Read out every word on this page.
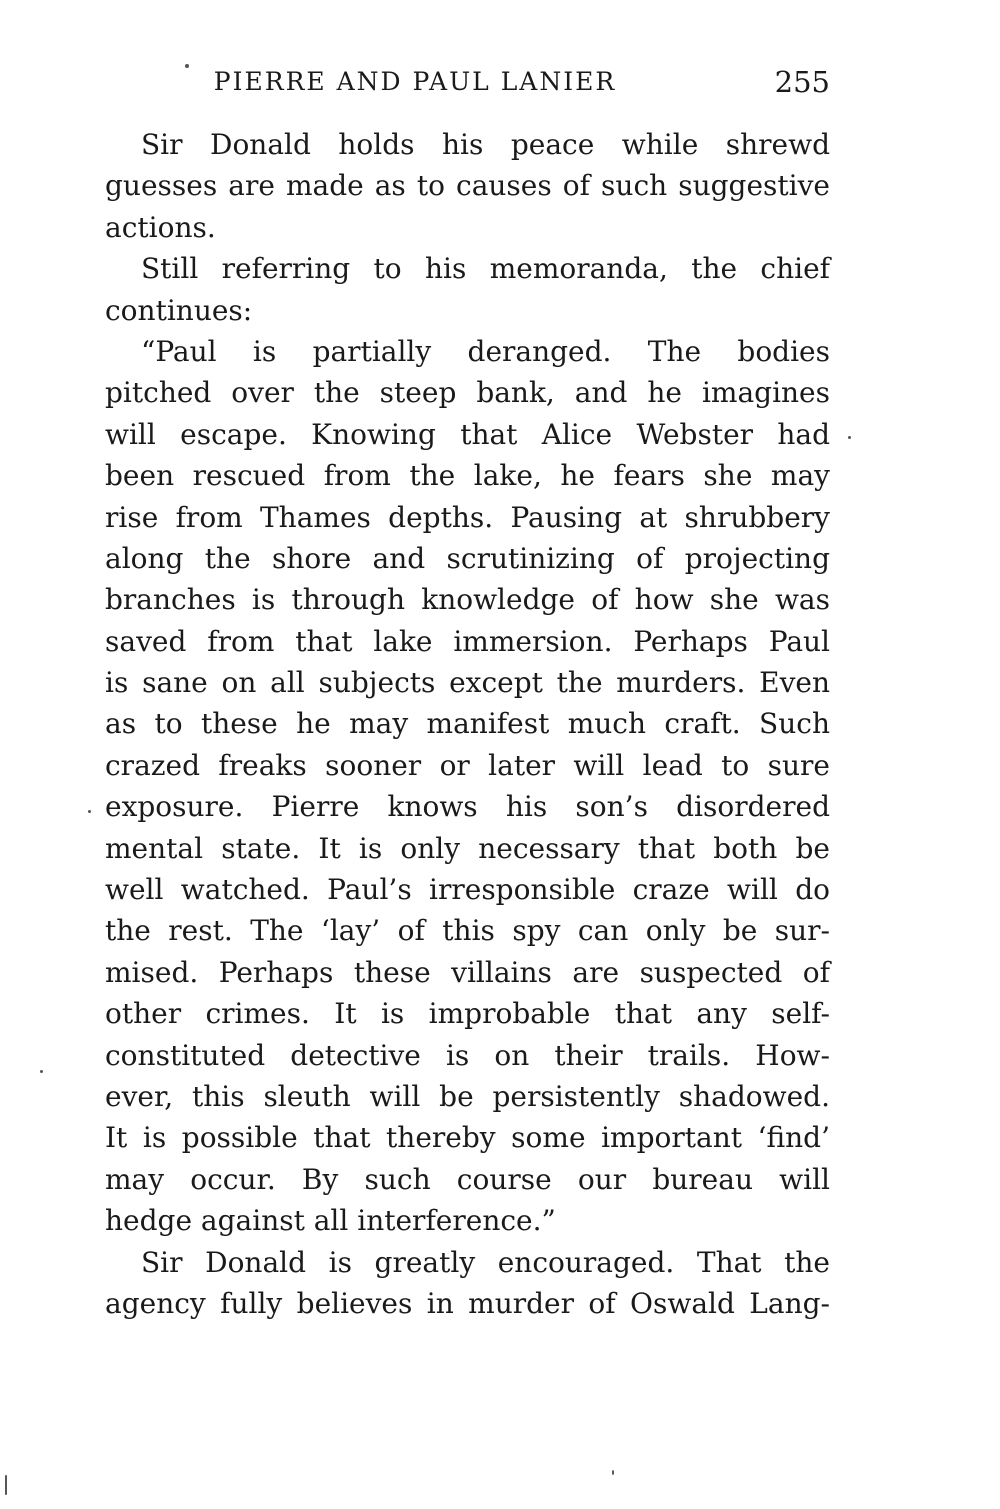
PIERRE AND PAUL LANIER	255
Sir Donald holds his peace while shrewd
guesses are made as to causes of such suggestive
actions.
Still referring to his memoranda, the chief
continues:
“Paul is partially deranged. The bodies
pitched over the steep bank, and he imagines
will escape. Knowing that Alice Webster had
been rescued from the lake, he fears she may
rise from Thames depths. Pausing at shrubbery
along the shore and scrutinizing of projecting
branches is through knowledge of how she was
saved from that lake immersion. Perhaps Paul
is sane on all subjects except the murders. Even
as to these he may manifest much craft. Such
crazed freaks sooner or later will lead to sure
exposure. Pierre knows his son’s disordered
mental state. It is only necessary that both be
well watched. Paul’s irresponsible craze will do
the rest. The ‘lay’ of this spy can only be sur-
mised. Perhaps these villains are suspected of
other crimes. It is improbable that any self-
constituted detective is on their trails. How-
ever, this sleuth will be persistently shadowed.
It is possible that thereby some important ‘find’
may occur. By such course our bureau will
hedge against all interference.”
Sir Donald is greatly encouraged. That the
agency fully believes in murder of Oswald Lang-
